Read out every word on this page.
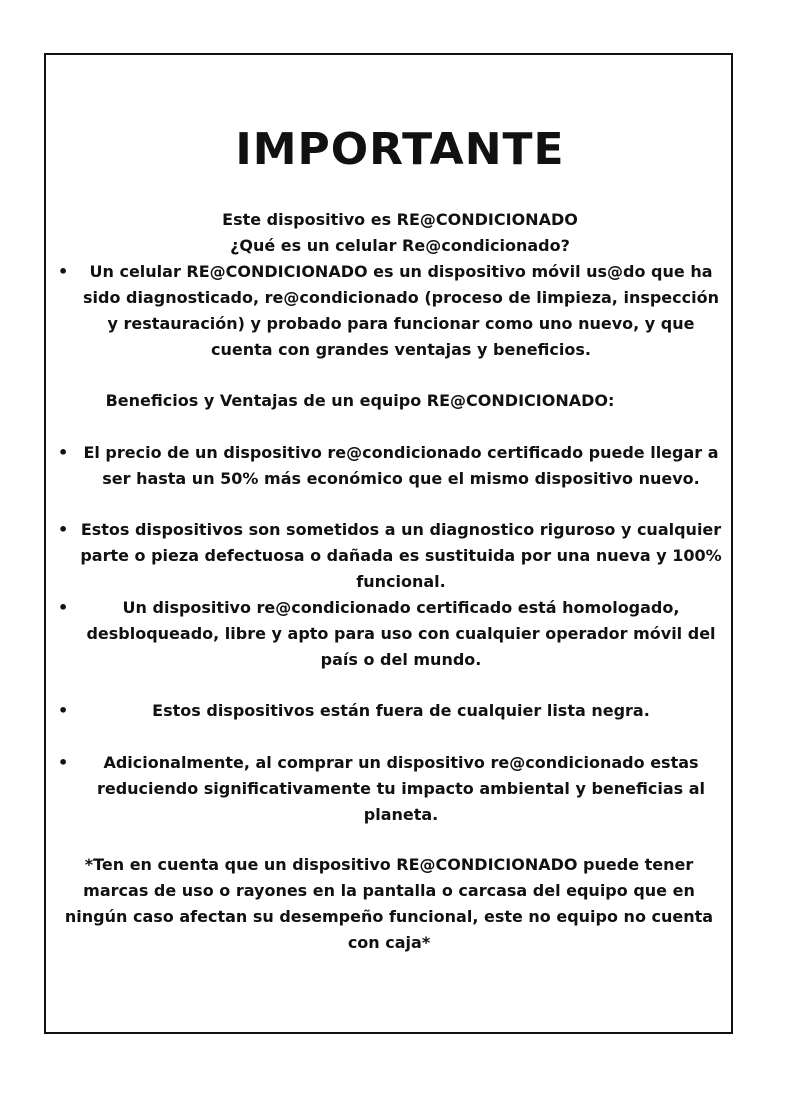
IMPORTANTE
Este dispositivo es RE@CONDICIONADO
¿Qué es un celular Re@condicionado?
•	Un celular RE@CONDICIONADO es un dispositivo móvil us@do que ha sido diagnosticado, re@condicionado (proceso de limpieza, inspección y restauración) y probado para funcionar como uno nuevo, y que cuenta con grandes ventajas y beneficios.
Beneficios y Ventajas de un equipo RE@CONDICIONADO:
• El precio de un dispositivo re@condicionado certificado puede llegar a ser hasta un 50% más económico que el mismo dispositivo nuevo.
• Estos dispositivos son sometidos a un diagnostico riguroso y cualquier parte o pieza defectuosa o dañada es sustituida por una nueva y 100% funcional.
•	Un dispositivo re@condicionado certificado está homologado, desbloqueado, libre y apto para uso con cualquier operador móvil del país o del mundo.
•	Estos dispositivos están fuera de cualquier lista negra.
•	Adicionalmente, al comprar un dispositivo re@condicionado estas reduciendo significativamente tu impacto ambiental y beneficias al planeta.
*Ten en cuenta que un dispositivo RE@CONDICIONADO puede tener marcas de uso o rayones en la pantalla o carcasa del equipo que en ningún caso afectan su desempeño funcional, este no equipo no cuenta con caja*
